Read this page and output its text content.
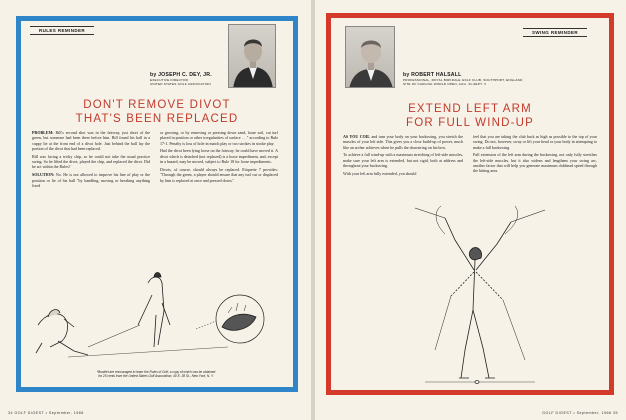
RULES REMINDER
by JOSEPH C. DEY, JR.
EXECUTIVE DIRECTOR
UNITED STATES GOLF ASSOCIATION
DON'T REMOVE DIVOT
THAT'S BEEN REPLACED

PROBLEM: Bill's second shot was in the fairway, just short of the green, but someone had been there before him. Bill found his ball in a cuppy lie at the front end of a divot hole. Just behind the ball lay the portion of the divot that had been replaced.

Bill was facing a tricky chip, so he could not take the usual practice swing. So he lifted the divot, played the chip, and replaced the divot. Did he act within the Rules?

SOLUTION: No. He is not allowed to improve his line of play or the position or lie of his ball "by handling, moving or breaking anything fixed

or growing, or by removing or pressing down sand, loose soil, cut turf placed in position or other irregularities of surface . . ." according to Rule 17-1. Penalty is loss of hole in match play or two strokes in stroke play.

Had the divot been lying loose on the fairway, he could have moved it. A divot which is detached (not replaced) is a loose impediment, and, except in a hazard, may be moved, subject to Rule 18 for loose impediments.

Divots, of course, should always be replaced. Etiquette 7 provides: "Through the green, a player should ensure that any turf cut or displaced by him is replaced at once and pressed down."

*Booklet are encouraged to learn the Rules of Golf, a copy of which can be obtained
for 25 cents from the United States Golf Association, 40 E. 38 St., New York, N. Y.
34 GOLF DIGEST • September, 1966
SWING REMINDER
by ROBERT HALSALL
PROFESSIONAL, ROYAL BIRKDALE GOLF CLUB, SOUTHPORT, ENGLAND
SITE OF CARLING WORLD OPEN, AUG. 31-SEPT. 3
EXTEND LEFT ARM
FOR FULL WIND-UP

AS YOU COIL and turn your body on your backswing, you stretch the muscles of your left side. This gives you a close build-up of power, much like an archer achieves when he pulls the drawstring on his bow.

To achieve a full wind-up with a maximum stretching of left-side muscles, make sure your left arm is extended, but not rigid, both at address and throughout your backswing.

With your left arm fully extended, you should

feel that you are taking the club back as high as possible to the top of your swing. Do not, however, sway or lift your head or your body in attempting to make a full backswing.

Full extension of the left arm during the backswing, not only fully stretches the left-side muscles, but it also widens and lengthens your swing arc, another factor that will help you generate maximum clubhead speed through the hitting area.

GOLF DIGEST • September, 1966 35
